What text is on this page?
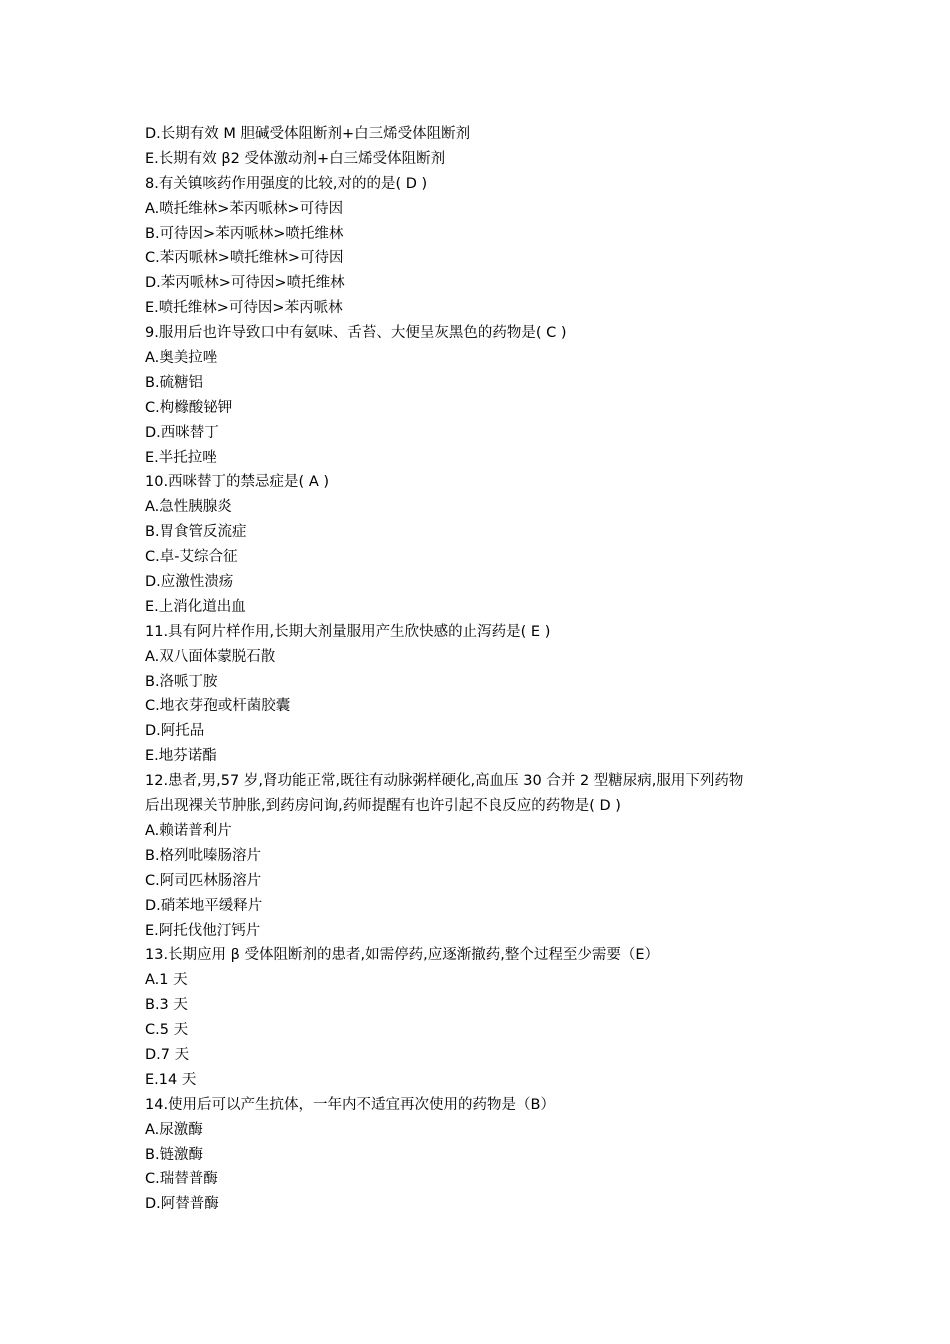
D.长期有效 M 胆碱受体阻断剂+白三烯受体阻断剂
E.长期有效 β2 受体激动剂+白三烯受体阻断剂
8.有关镇咳药作用强度的比较,对的的是( D )
A.喷托维林>苯丙哌林>可待因
B.可待因>苯丙哌林>喷托维林
C.苯丙哌林>喷托维林>可待因
D.苯丙哌林>可待因>喷托维林
E.喷托维林>可待因>苯丙哌林
9.服用后也许导致口中有氨味、舌苔、大便呈灰黑色的药物是( C )
A.奥美拉唑
B.硫糖铝
C.枸橼酸铋钾
D.西咪替丁
E.半托拉唑
10.西咪替丁的禁忌症是( A )
A.急性胰腺炎
B.胃食管反流症
C.卓-艾综合征
D.应激性溃疡
E.上消化道出血
11.具有阿片样作用,长期大剂量服用产生欣快感的止泻药是( E )
A.双八面体蒙脱石散
B.洛哌丁胺
C.地衣芽孢或杆菌胶囊
D.阿托品
E.地芬诺酯
12.患者,男,57 岁,肾功能正常,既往有动脉粥样硬化,高血压 30 合并 2 型糖尿病,服用下列药物
后出现裸关节肿胀,到药房问询,药师提醒有也许引起不良反应的药物是( D )
A.赖诺普利片
B.格列吡嗪肠溶片
C.阿司匹林肠溶片
D.硝苯地平缓释片
E.阿托伐他汀钙片
13.长期应用 β 受体阻断剂的患者,如需停药,应逐渐撤药,整个过程至少需要（E）
A.1 天
B.3 天
C.5 天
D.7 天
E.14 天
14.使用后可以产生抗体，一年内不适宜再次使用的药物是（B）
A.尿激酶
B.链激酶
C.瑞替普酶
D.阿替普酶
